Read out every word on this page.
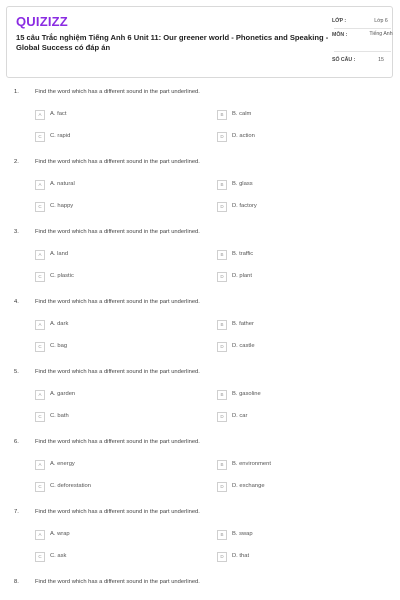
QUIZIZZ
15 câu Trắc nghiệm Tiếng Anh 6 Unit 11: Our greener world - Phonetics and Speaking - Global Success có đáp án
LỚP :	Lớp 6
MÔN :	Tiếng Anh
SỐ CÂU :	15
1.	Find the word which has a different sound in the part underlined.
A	A. fact	B	B. calm
C	C. rapid	D	D. action
2.	Find the word which has a different sound in the part underlined.
A	A. natural	B	B. glass
C	C. happy	D	D. factory
3.	Find the word which has a different sound in the part underlined.
A	A. land	B	B. traffic
C	C. plastic	D	D. plant
4.	Find the word which has a different sound in the part underlined.
A	A. dark	B	B. father
C	C. bag	D	D. castle
5.	Find the word which has a different sound in the part underlined.
A	A. garden	B	B. gasoline
C	C. bath	D	D. car
6.	Find the word which has a different sound in the part underlined.
A	A. energy	B	B. environment
C	C. deforestation	D	D. exchange
7.	Find the word which has a different sound in the part underlined.
A	A. wrap	B	B. swap
C	C. ask	D	D. that
8.	Find the word which has a different sound in the part underlined.
